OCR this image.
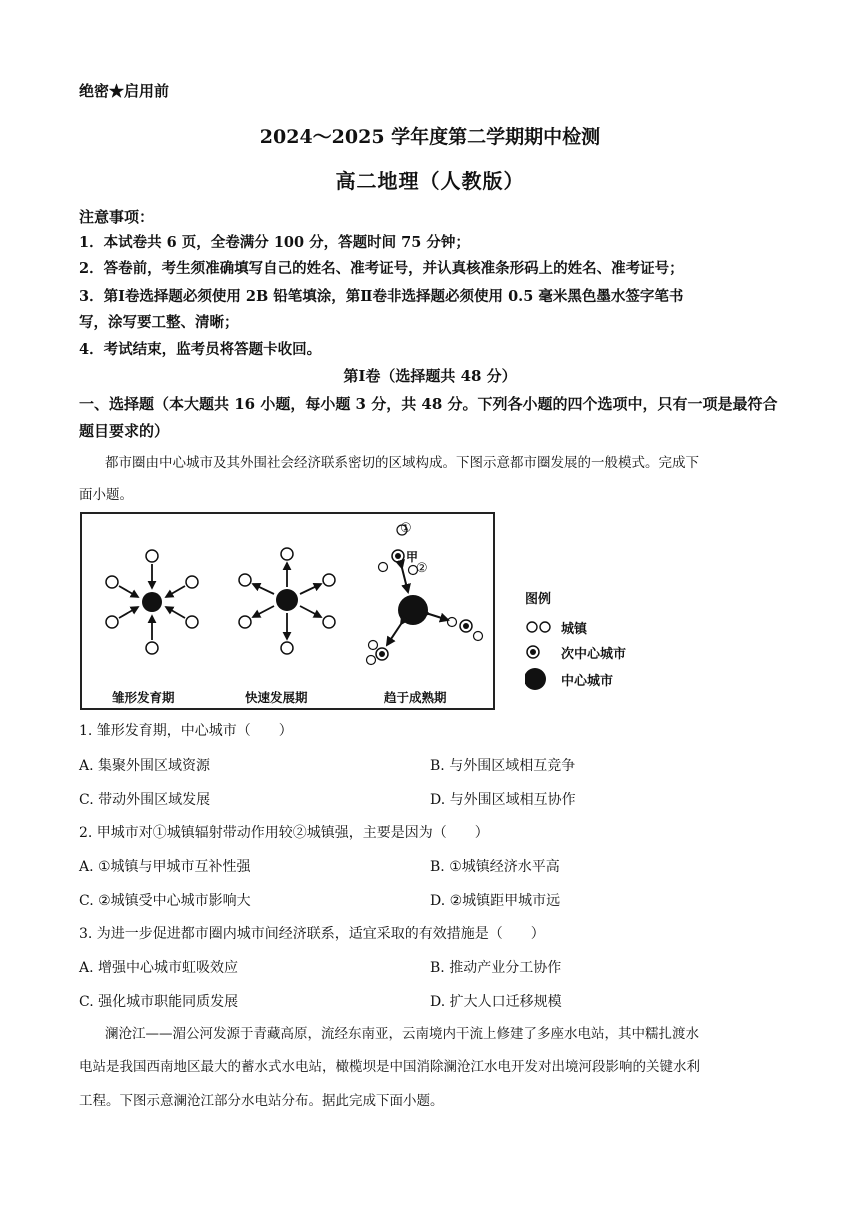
绝密★启用前
2024～2025 学年度第二学期期中检测
高二地理（人教版）
注意事项：
1．本试卷共 6 页，全卷满分 100 分，答题时间 75 分钟；
2．答卷前，考生须准确填写自己的姓名、准考证号，并认真核准条形码上的姓名、准考证号；
3．第Ⅰ卷选择题必须使用 2B 铅笔填涂，第Ⅱ卷非选择题必须使用 0.5 毫米黑色墨水签字笔书
写，涂写要工整、清晰；
4．考试结束，监考员将答题卡收回。
第Ⅰ卷（选择题共 48 分）
一、选择题（本大题共 16 小题，每小题 3 分，共 48 分。下列各小题的四个选项中，只有一项是最符合题目要求的）
都市圈由中心城市及其外围社会经济联系密切的区域构成。下图示意都市圈发展的一般模式。完成下
面小题。
①
甲
②
雏形发育期	快速发展期	趋于成熟期
图例
城镇
次中心城市
中心城市
1. 雏形发育期，中心城市（　　）
A. 集聚外围区域资源	B. 与外围区域相互竞争
C. 带动外围区域发展	D. 与外围区域相互协作
2. 甲城市对①城镇辐射带动作用较②城镇强，主要是因为（　　）
A. ①城镇与甲城市互补性强	B. ①城镇经济水平高
C. ②城镇受中心城市影响大	D. ②城镇距甲城市远
3. 为进一步促进都市圈内城市间经济联系，适宜采取的有效措施是（　　）
A. 增强中心城市虹吸效应	B. 推动产业分工协作
C. 强化城市职能同质发展	D. 扩大人口迁移规模
澜沧江——湄公河发源于青藏高原，流经东南亚，云南境内干流上修建了多座水电站，其中糯扎渡水
电站是我国西南地区最大的蓄水式水电站，橄榄坝是中国消除澜沧江水电开发对出境河段影响的关键水利
工程。下图示意澜沧江部分水电站分布。据此完成下面小题。
